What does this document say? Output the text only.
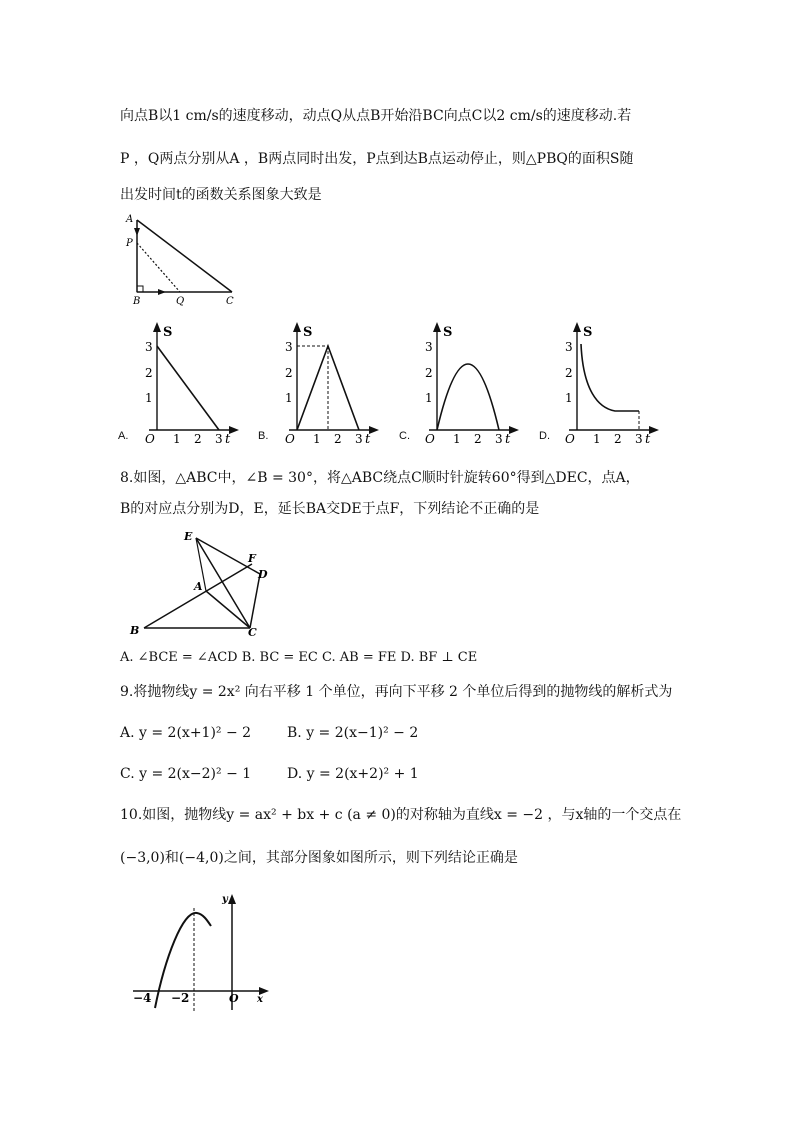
向点B以1 cm/s的速度移动，动点Q从点B开始沿BC向点C以2 cm/s的速度移动.若
P ，Q两点分别从A ，B两点同时出发，P点到达B点运动停止，则△PBQ的面积S随
出发时间t的函数关系图象大致是
A
P
B	Q	C
A.	B.	C.	D.
S
3
2
1
O 1 2 3 t
S
3
2
1
O 1 2 3 t
S
3
2
1
O 1 2 3 t
S
3
2
1
O 1 2 3 t
8.如图，△ABC中，∠B = 30°，将△ABC绕点C顺时针旋转60°得到△DEC，点A，
B的对应点分别为D，E，延长BA交DE于点F，下列结论不正确的是
E
F
D
A
B	C
A. ∠BCE = ∠ACD B. BC = EC C. AB = FE D. BF ⊥ CE
9.将抛物线y = 2x² 向右平移 1 个单位，再向下平移 2 个单位后得到的抛物线的解析式为
A. y = 2(x+1)² − 2	B. y = 2(x−1)² − 2
C. y = 2(x−2)² − 1	D. y = 2(x+2)² + 1
10.如图，抛物线y = ax² + bx + c (a ≠ 0)的对称轴为直线x = −2 ，与x轴的一个交点在
(−3,0)和(−4,0)之间，其部分图象如图所示，则下列结论正确是
y
x
−4 −2	O
